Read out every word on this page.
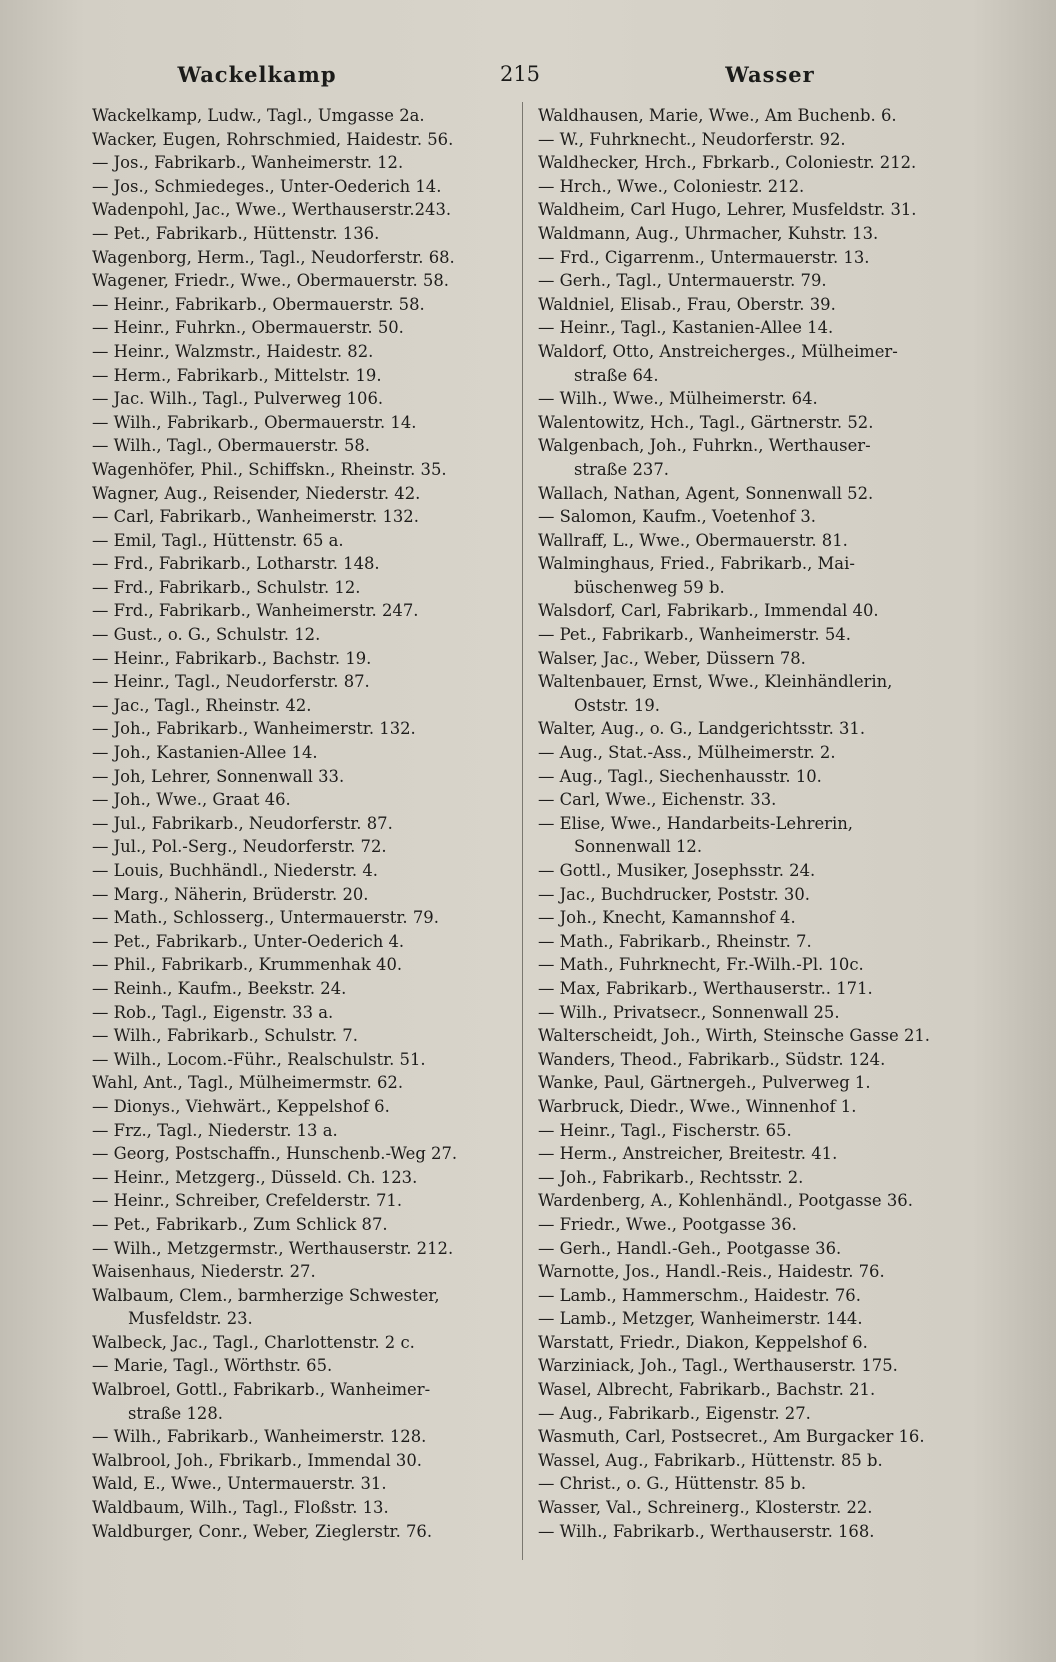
Wackelkamp	215	Wasser
Wackelkamp, Ludw., Tagl., Umgasse 2a.
Wacker, Eugen, Rohrschmied, Haidestr. 56.
— Jos., Fabrikarb., Wanheimerstr. 12.
— Jos., Schmiedeges., Unter-Oederich 14.
Wadenpohl, Jac., Wwe., Werthauserstr.243.
— Pet., Fabrikarb., Hüttenstr. 136.
Wagenborg, Herm., Tagl., Neudorferstr. 68.
Wagener, Friedr., Wwe., Obermauerstr. 58.
— Heinr., Fabrikarb., Obermauerstr. 58.
— Heinr., Fuhrkn., Obermauerstr. 50.
— Heinr., Walzmstr., Haidestr. 82.
— Herm., Fabrikarb., Mittelstr. 19.
— Jac. Wilh., Tagl., Pulverweg 106.
— Wilh., Fabrikarb., Obermauerstr. 14.
— Wilh., Tagl., Obermauerstr. 58.
Wagenhöfer, Phil., Schiffskn., Rheinstr. 35.
Wagner, Aug., Reisender, Niederstr. 42.
— Carl, Fabrikarb., Wanheimerstr. 132.
— Emil, Tagl., Hüttenstr. 65 a.
— Frd., Fabrikarb., Lotharstr. 148.
— Frd., Fabrikarb., Schulstr. 12.
— Frd., Fabrikarb., Wanheimerstr. 247.
— Gust., o. G., Schulstr. 12.
— Heinr., Fabrikarb., Bachstr. 19.
— Heinr., Tagl., Neudorferstr. 87.
— Jac., Tagl., Rheinstr. 42.
— Joh., Fabrikarb., Wanheimerstr. 132.
— Joh., Kastanien-Allee 14.
— Joh, Lehrer, Sonnenwall 33.
— Joh., Wwe., Graat 46.
— Jul., Fabrikarb., Neudorferstr. 87.
— Jul., Pol.-Serg., Neudorferstr. 72.
— Louis, Buchhändl., Niederstr. 4.
— Marg., Näherin, Brüderstr. 20.
— Math., Schlosserg., Untermauerstr. 79.
— Pet., Fabrikarb., Unter-Oederich 4.
— Phil., Fabrikarb., Krummenhak 40.
— Reinh., Kaufm., Beekstr. 24.
— Rob., Tagl., Eigenstr. 33 a.
— Wilh., Fabrikarb., Schulstr. 7.
— Wilh., Locom.-Führ., Realschulstr. 51.
Wahl, Ant., Tagl., Mülheimermstr. 62.
— Dionys., Viehwärt., Keppelshof 6.
— Frz., Tagl., Niederstr. 13 a.
— Georg, Postschaffn., Hunschenb.-Weg 27.
— Heinr., Metzgerg., Düsseld. Ch. 123.
— Heinr., Schreiber, Crefelderstr. 71.
— Pet., Fabrikarb., Zum Schlick 87.
— Wilh., Metzgermstr., Werthauserstr. 212.
Waisenhaus, Niederstr. 27.
Walbaum, Clem., barmherzige Schwester,
Musfeldstr. 23.
Walbeck, Jac., Tagl., Charlottenstr. 2 c.
— Marie, Tagl., Wörthstr. 65.
Walbroel, Gottl., Fabrikarb., Wanheimer-
straße 128.
— Wilh., Fabrikarb., Wanheimerstr. 128.
Walbrool, Joh., Fbrikarb., Immendal 30.
Wald, E., Wwe., Untermauerstr. 31.
Waldbaum, Wilh., Tagl., Floßstr. 13.
Waldburger, Conr., Weber, Zieglerstr. 76.
Waldhausen, Marie, Wwe., Am Buchenb. 6.
— W., Fuhrknecht., Neudorferstr. 92.
Waldhecker, Hrch., Fbrkarb., Coloniestr. 212.
— Hrch., Wwe., Coloniestr. 212.
Waldheim, Carl Hugo, Lehrer, Musfeldstr. 31.
Waldmann, Aug., Uhrmacher, Kuhstr. 13.
— Frd., Cigarrenm., Untermauerstr. 13.
— Gerh., Tagl., Untermauerstr. 79.
Waldniel, Elisab., Frau, Oberstr. 39.
— Heinr., Tagl., Kastanien-Allee 14.
Waldorf, Otto, Anstreicherges., Mülheimer-
straße 64.
— Wilh., Wwe., Mülheimerstr. 64.
Walentowitz, Hch., Tagl., Gärtnerstr. 52.
Walgenbach, Joh., Fuhrkn., Werthauser-
straße 237.
Wallach, Nathan, Agent, Sonnenwall 52.
— Salomon, Kaufm., Voetenhof 3.
Wallraff, L., Wwe., Obermauerstr. 81.
Walminghaus, Fried., Fabrikarb., Mai-
büschenweg 59 b.
Walsdorf, Carl, Fabrikarb., Immendal 40.
— Pet., Fabrikarb., Wanheimerstr. 54.
Walser, Jac., Weber, Düssern 78.
Waltenbauer, Ernst, Wwe., Kleinhändlerin,
Oststr. 19.
Walter, Aug., o. G., Landgerichtsstr. 31.
— Aug., Stat.-Ass., Mülheimerstr. 2.
— Aug., Tagl., Siechenhausstr. 10.
— Carl, Wwe., Eichenstr. 33.
— Elise, Wwe., Handarbeits-Lehrerin,
Sonnenwall 12.
— Gottl., Musiker, Josephsstr. 24.
— Jac., Buchdrucker, Poststr. 30.
— Joh., Knecht, Kamannshof 4.
— Math., Fabrikarb., Rheinstr. 7.
— Math., Fuhrknecht, Fr.-Wilh.-Pl. 10c.
— Max, Fabrikarb., Werthauserstr.. 171.
— Wilh., Privatsecr., Sonnenwall 25.
Walterscheidt, Joh., Wirth, Steinsche Gasse 21.
Wanders, Theod., Fabrikarb., Südstr. 124.
Wanke, Paul, Gärtnergeh., Pulverweg 1.
Warbruck, Diedr., Wwe., Winnenhof 1.
— Heinr., Tagl., Fischerstr. 65.
— Herm., Anstreicher, Breitestr. 41.
— Joh., Fabrikarb., Rechtsstr. 2.
Wardenberg, A., Kohlenhändl., Pootgasse 36.
— Friedr., Wwe., Pootgasse 36.
— Gerh., Handl.-Geh., Pootgasse 36.
Warnotte, Jos., Handl.-Reis., Haidestr. 76.
— Lamb., Hammerschm., Haidestr. 76.
— Lamb., Metzger, Wanheimerstr. 144.
Warstatt, Friedr., Diakon, Keppelshof 6.
Warziniack, Joh., Tagl., Werthauserstr. 175.
Wasel, Albrecht, Fabrikarb., Bachstr. 21.
— Aug., Fabrikarb., Eigenstr. 27.
Wasmuth, Carl, Postsecret., Am Burgacker 16.
Wassel, Aug., Fabrikarb., Hüttenstr. 85 b.
— Christ., o. G., Hüttenstr. 85 b.
Wasser, Val., Schreinerg., Klosterstr. 22.
— Wilh., Fabrikarb., Werthauserstr. 168.
